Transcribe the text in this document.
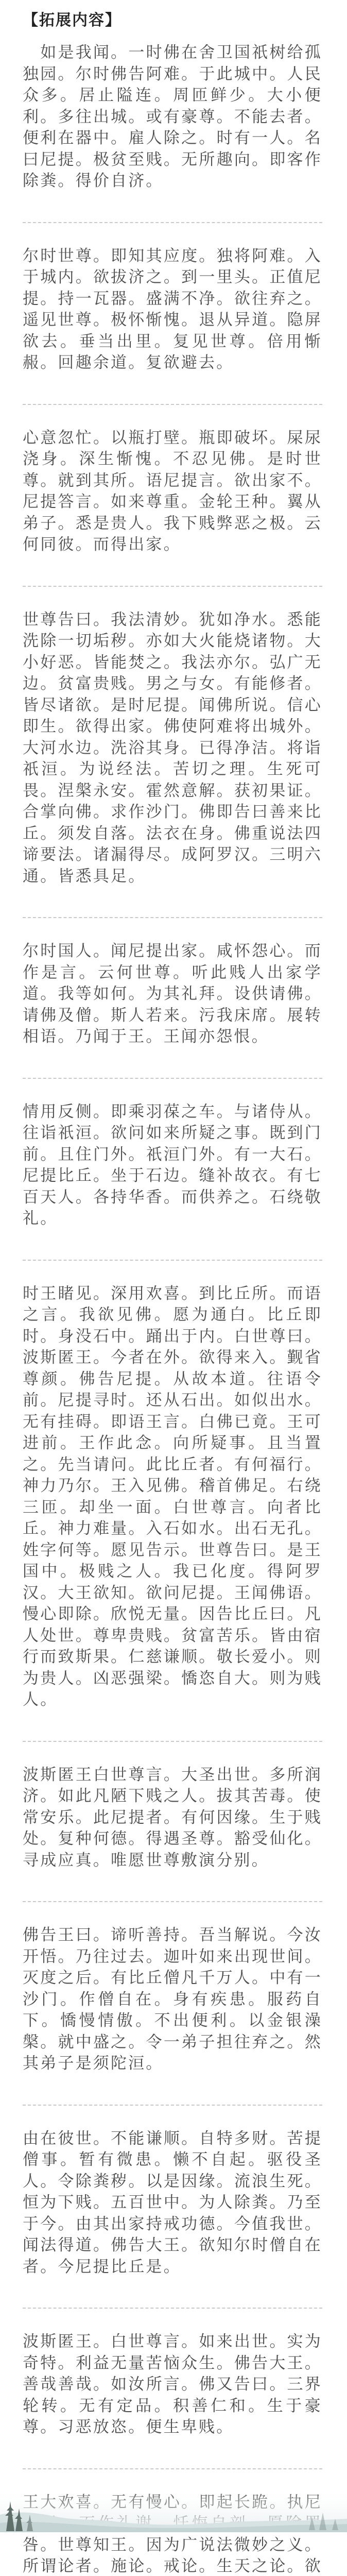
【拓展内容】

　如是我闻。一时佛在舍卫国祇树给孤独园。尔时佛告阿难。于此城中。人民众多。居止隘连。周匝鲜少。大小便利。多往出城。或有豪尊。不能去者。便利在器中。雇人除之。时有一人。名曰尼提。极贫至贱。无所趣向。即客作除粪。得价自济。

尔时世尊。即知其应度。独将阿难。入于城内。欲拔济之。到一里头。正值尼提。持一瓦器。盛满不净。欲往弃之。遥见世尊。极怀惭愧。退从异道。隐屏欲去。垂当出里。复见世尊。倍用惭赧。回趣余道。复欲避去。

心意忽忙。以瓶打壁。瓶即破坏。屎尿浇身。深生惭愧。不忍见佛。是时世尊。就到其所。语尼提言。欲出家不。尼提答言。如来尊重。金轮王种。翼从弟子。悉是贵人。我下贱弊恶之极。云何同彼。而得出家。

世尊告曰。我法清妙。犹如净水。悉能洗除一切垢秽。亦如大火能烧诸物。大小好恶。皆能焚之。我法亦尔。弘广无边。贫富贵贱。男之与女。有能修者。皆尽诸欲。是时尼提。闻佛所说。信心即生。欲得出家。佛使阿难将出城外。大河水边。洗浴其身。已得净洁。将诣祇洹。为说经法。苦切之理。生死可畏。涅槃永安。霍然意解。获初果证。合掌向佛。求作沙门。佛即告曰善来比丘。须发自落。法衣在身。佛重说法四谛要法。诸漏得尽。成阿罗汉。三明六通。皆悉具足。

尔时国人。闻尼提出家。咸怀怨心。而作是言。云何世尊。听此贱人出家学道。我等如何。为其礼拜。设供请佛。请佛及僧。斯人若来。污我床席。展转相语。乃闻于王。王闻亦怨恨。

情用反侧。即乘羽葆之车。与诸侍从。往诣祇洹。欲问如来所疑之事。既到门前。且住门外。祇洹门外。有一大石。尼提比丘。坐于石边。缝补故衣。有七百天人。各持华香。而供养之。石绕敬礼。

时王睹见。深用欢喜。到比丘所。而语之言。我欲见佛。愿为通白。比丘即时。身没石中。踊出于内。白世尊曰。波斯匿王。今者在外。欲得来入。觐省尊颜。佛告尼提。从故本道。往语令前。尼提寻时。还从石出。如似出水。无有挂碍。即语王言。白佛已竟。王可进前。王作此念。向所疑事。且当置之。先当请问。此比丘者。有何福行。神力乃尔。王入见佛。稽首佛足。右绕三匝。却坐一面。白世尊言。向者比丘。神力难量。入石如水。出石无孔。姓字何等。愿见告示。世尊告曰。是王国中。极贱之人。我已化度。得阿罗汉。大王欲知。欲问尼提。王闻佛语。慢心即除。欣悦无量。因告比丘曰。凡人处世。尊卑贵贱。贫富苦乐。皆由宿行而致斯果。仁慈谦顺。敬长爱小。则为贵人。凶恶强梁。憍恣自大。则为贱人。

波斯匿王白世尊言。大圣出世。多所润济。如此凡陋下贱之人。拔其苦毒。使常安乐。此尼提者。有何因缘。生于贱处。复种何德。得遇圣尊。豁受仙化。寻成应真。唯愿世尊敷演分别。

佛告王曰。谛听善持。吾当解说。今汝开悟。乃往过去。迦叶如来出现世间。灭度之后。有比丘僧凡千万人。中有一沙门。作僧自在。身有疾患。服药自下。憍慢情傲。不出便利。以金银澡槃。就中盛之。令一弟子担往弃之。然其弟子是须陀洹。

由在彼世。不能谦顺。自特多财。苦提僧事。暂有微患。懒不自起。驱役圣人。令除粪秽。以是因缘。流浪生死。恒为下贱。五百世中。为人除粪。乃至于今。由其出家持戒功德。今值我世。闻法得道。佛告大王。欲知尔时僧自在者。今尼提比丘是。

波斯匿王。白世尊言。如来出世。实为奇特。利益无量苦恼众生。佛告大王。善哉善哉。如汝所言。佛又告曰。三界轮转。无有定品。积善仁和。生于豪尊。习恶放恣。便生卑贱。

咎。世尊知王。因为广说法微妙之义。所谓论者。施论。戒论。生天之论。欲
